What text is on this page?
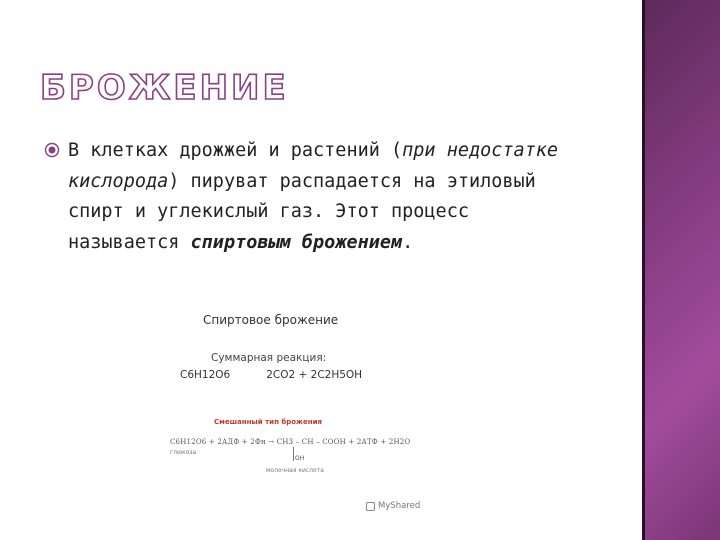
БРОЖЕНИЕ
В клетках дрожжей и растений (при недостатке кислорода) пируват распадается на этиловый спирт и углекислый газ. Этот процесс называется спиртовым брожением.
Спиртовое брожение
Суммарная реакция:
C6H12O6	2CO2 + 2C2H5OH
Смешанный тип брожения
C6H12O6 + 2АДФ + 2Фн → CH3 – CH – COOH + 2АТФ + 2H2O
глюкоза
OH
молочная кислота
MyShared
